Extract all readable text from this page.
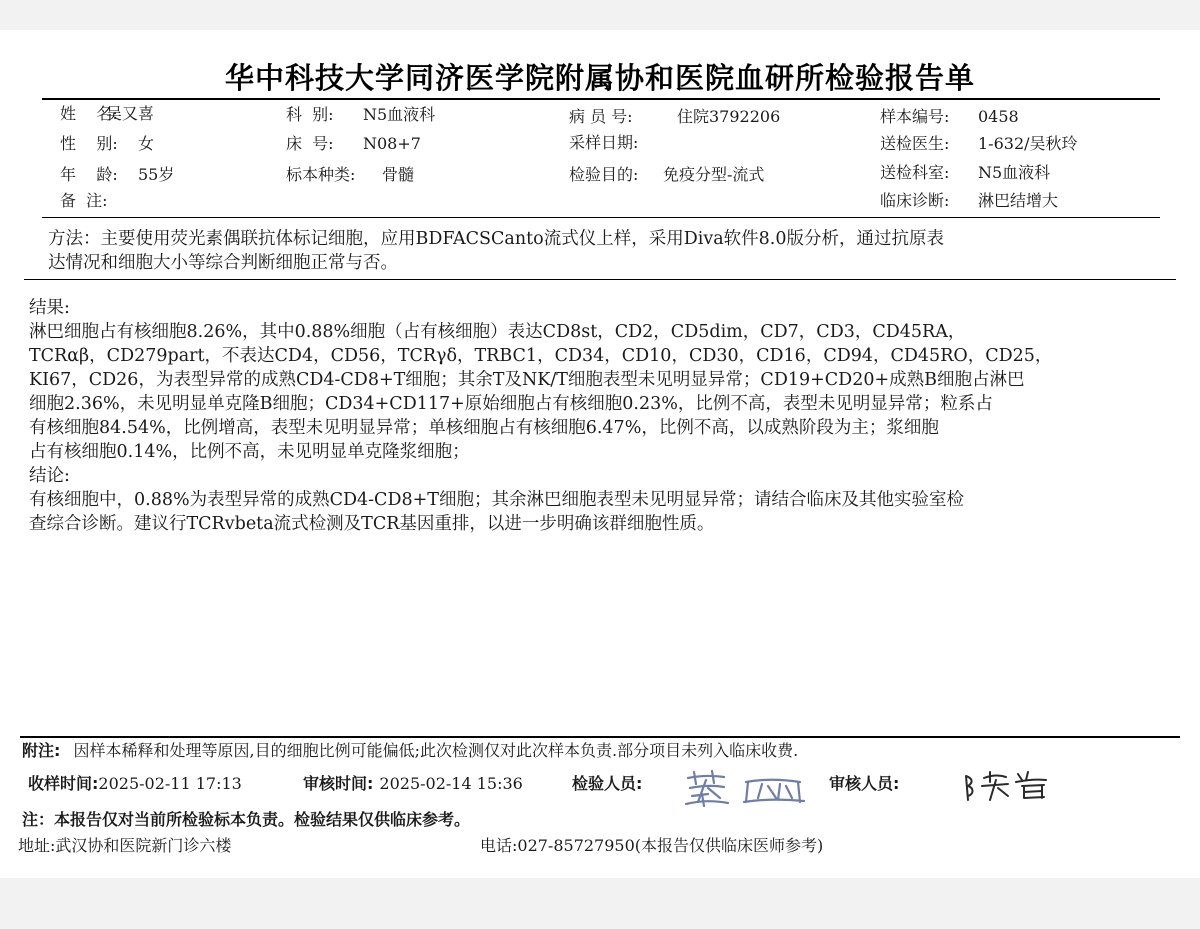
华中科技大学同济医学院附属协和医院血研所检验报告单
姓    名:吴又喜
性    别: 女
年    龄: 55岁
备  注:
科  别: N5血液科
床  号: N08+7
标本种类: 骨髓
病 员 号:	住院3792206
采样日期:
检验目的: 免疫分型-流式
样本编号: 0458
送检医生: 1-632/吴秋玲
送检科室: N5血液科
临床诊断: 淋巴结增大
方法：主要使用荧光素偶联抗体标记细胞，应用BDFACSCanto流式仪上样，采用Diva软件8.0版分析，通过抗原表
达情况和细胞大小等综合判断细胞正常与否。
结果:
淋巴细胞占有核细胞8.26%，其中0.88%细胞（占有核细胞）表达CD8st，CD2，CD5dim，CD7，CD3，CD45RA，
TCRαβ，CD279part，不表达CD4，CD56，TCRγδ，TRBC1，CD34，CD10，CD30，CD16，CD94，CD45RO，CD25，
KI67，CD26，为表型异常的成熟CD4-CD8+T细胞；其余T及NK/T细胞表型未见明显异常；CD19+CD20+成熟B细胞占淋巴
细胞2.36%，未见明显单克隆B细胞；CD34+CD117+原始细胞占有核细胞0.23%，比例不高，表型未见明显异常；粒系占
有核细胞84.54%，比例增高，表型未见明显异常；单核细胞占有核细胞6.47%，比例不高，以成熟阶段为主；浆细胞
占有核细胞0.14%，比例不高，未见明显单克隆浆细胞；
结论:
有核细胞中，0.88%为表型异常的成熟CD4-CD8+T细胞；其余淋巴细胞表型未见明显异常；请结合临床及其他实验室检
查综合诊断。建议行TCRvbeta流式检测及TCR基因重排，以进一步明确该群细胞性质。
附注: 因样本稀释和处理等原因,目的细胞比例可能偏低;此次检测仅对此次样本负责.部分项目未列入临床收费.
收样时间:2025-02-11 17:13	审核时间: 2025-02-14 15:36	检验人员:	审核人员:
注：本报告仅对当前所检验标本负责。检验结果仅供临床参考。
地址:武汉协和医院新门诊六楼	电话:027-85727950(本报告仅供临床医师参考)
